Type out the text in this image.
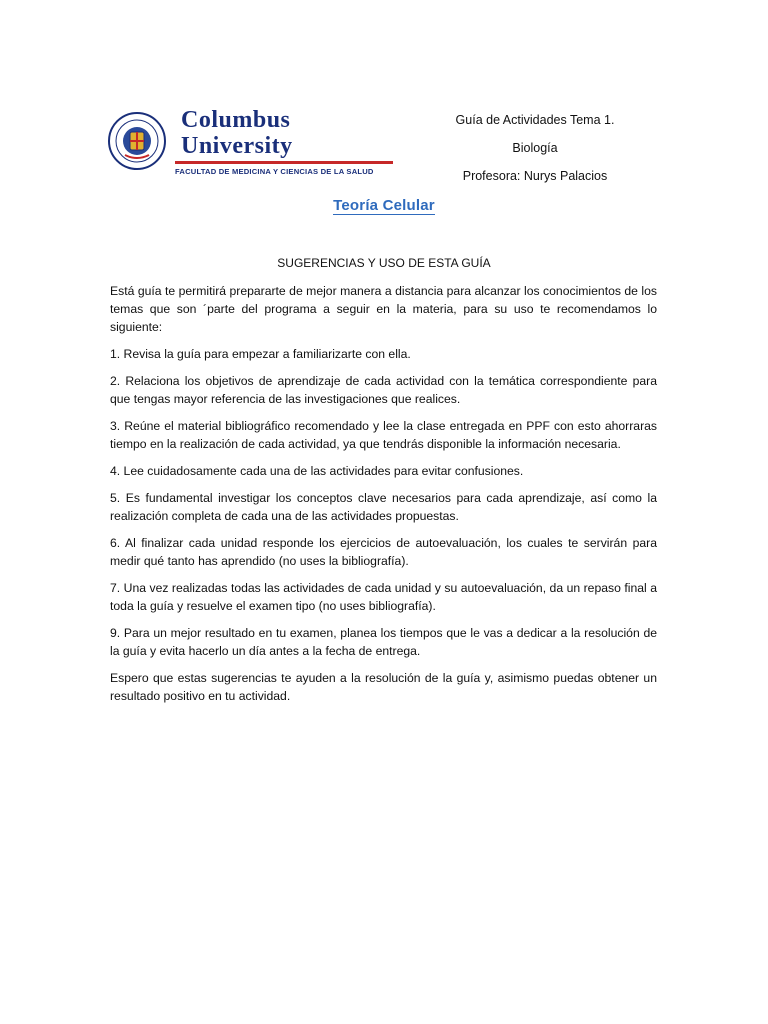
Columbus University
FACULTAD DE MEDICINA Y CIENCIAS DE LA SALUD
Guía de Actividades Tema 1.
Biología
Profesora: Nurys Palacios
Teoría Celular
SUGERENCIAS Y USO DE ESTA GUÍA

Está guía te permitirá prepararte de mejor manera a distancia para alcanzar los conocimientos de los temas que son ´parte del programa a seguir en la materia, para su uso te recomendamos lo siguiente:

1. Revisa la guía para empezar a familiarizarte con ella.

2. Relaciona los objetivos de aprendizaje de cada actividad con la temática correspondiente para que tengas mayor referencia de las investigaciones que realices.

3. Reúne el material bibliográfico recomendado y lee la clase entregada en PPF con esto ahorraras tiempo en la realización de cada actividad, ya que tendrás disponible la información necesaria.

4. Lee cuidadosamente cada una de las actividades para evitar confusiones.

5. Es fundamental investigar los conceptos clave necesarios para cada aprendizaje, así como la realización completa de cada una de las actividades propuestas.

6. Al finalizar cada unidad responde los ejercicios de autoevaluación, los cuales te servirán para medir qué tanto has aprendido (no uses la bibliografía).

7. Una vez realizadas todas las actividades de cada unidad y su autoevaluación, da un repaso final a toda la guía y resuelve el examen tipo (no uses bibliografía).

9. Para un mejor resultado en tu examen, planea los tiempos que le vas a dedicar a la resolución de la guía y evita hacerlo un día antes a la fecha de entrega.

Espero que estas sugerencias te ayuden a la resolución de la guía y, asimismo puedas obtener un resultado positivo en tu actividad.
